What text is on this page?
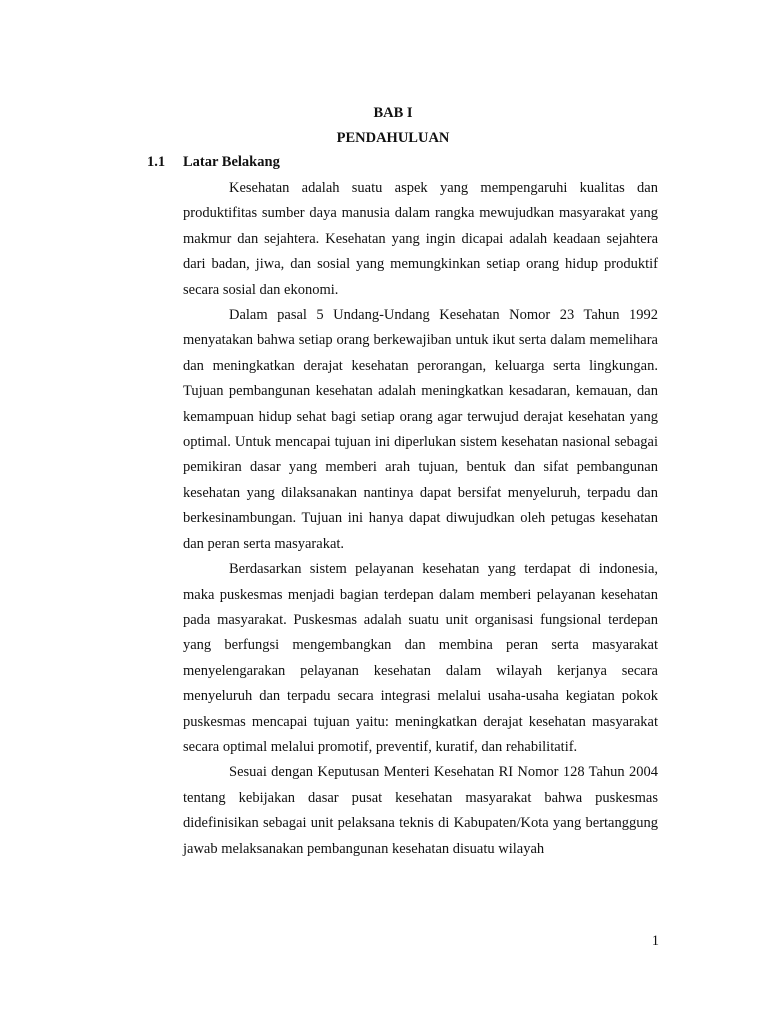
BAB I
PENDAHULUAN
1.1 Latar Belakang

Kesehatan adalah suatu aspek yang mempengaruhi kualitas dan produktifitas sumber daya manusia dalam rangka mewujudkan masyarakat yang makmur dan sejahtera. Kesehatan yang ingin dicapai adalah keadaan sejahtera dari badan, jiwa, dan sosial yang memungkinkan setiap orang hidup produktif secara sosial dan ekonomi.

Dalam pasal 5 Undang-Undang Kesehatan Nomor 23 Tahun 1992 menyatakan bahwa setiap orang berkewajiban untuk ikut serta dalam memelihara dan meningkatkan derajat kesehatan perorangan, keluarga serta lingkungan. Tujuan pembangunan kesehatan adalah meningkatkan kesadaran, kemauan, dan kemampuan hidup sehat bagi setiap orang agar terwujud derajat kesehatan yang optimal. Untuk mencapai tujuan ini diperlukan sistem kesehatan nasional sebagai pemikiran dasar yang memberi arah tujuan, bentuk dan sifat pembangunan kesehatan yang dilaksanakan nantinya dapat bersifat menyeluruh, terpadu dan berkesinambungan. Tujuan ini hanya dapat diwujudkan oleh petugas kesehatan dan peran serta masyarakat.

Berdasarkan sistem pelayanan kesehatan yang terdapat di indonesia, maka puskesmas menjadi bagian terdepan dalam memberi pelayanan kesehatan pada masyarakat. Puskesmas adalah suatu unit organisasi fungsional terdepan yang berfungsi mengembangkan dan membina peran serta masyarakat menyelengarakan pelayanan kesehatan dalam wilayah kerjanya secara menyeluruh dan terpadu secara integrasi melalui usaha-usaha kegiatan pokok puskesmas mencapai tujuan yaitu: meningkatkan derajat kesehatan masyarakat secara optimal melalui promotif, preventif, kuratif, dan rehabilitatif.

Sesuai dengan Keputusan Menteri Kesehatan RI Nomor 128 Tahun 2004 tentang kebijakan dasar pusat kesehatan masyarakat bahwa puskesmas didefinisikan sebagai unit pelaksana teknis di Kabupaten/Kota yang bertanggung jawab melaksanakan pembangunan kesehatan disuatu wilayah

1
